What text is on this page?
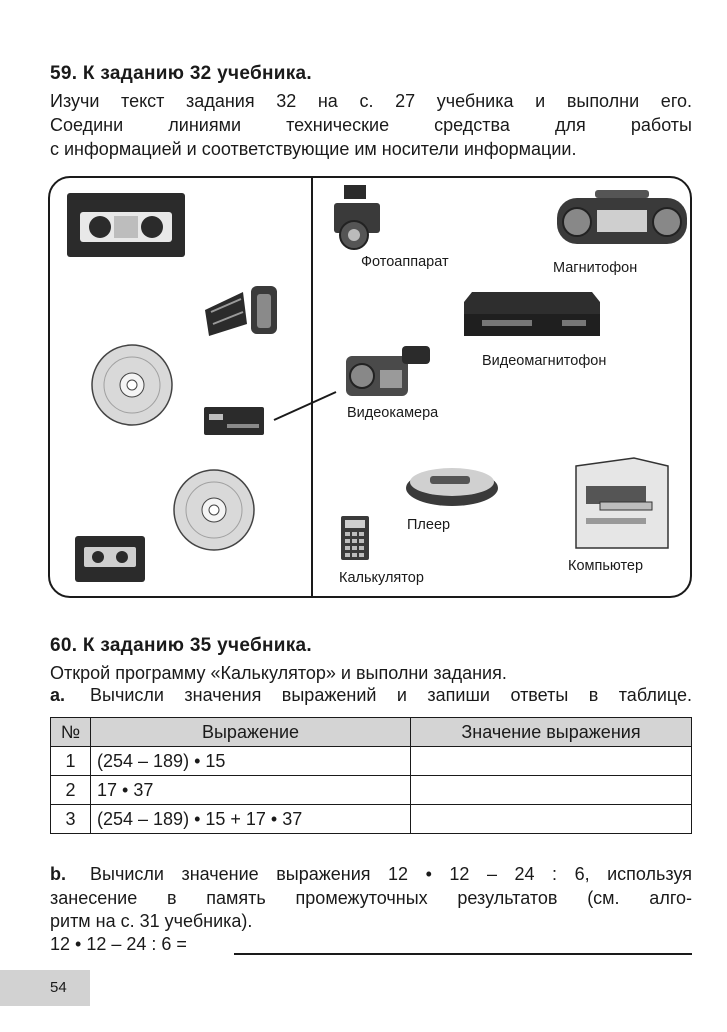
59. К заданию 32 учебника.
Изучи текст задания 32 на с. 27 учебника и выполни его.
Соедини линиями технические средства для работы
с информацией и соответствующие им носители информации.
Фотоаппарат	Магнитофон
Видеомагнитофон
Видеокамера
Плеер
Компьютер
Калькулятор
60. К заданию 35 учебника.
Открой программу «Калькулятор» и выполни задания.
a. Вычисли значения выражений и запиши ответы в таблице.
№	Выражение	Значение выражения
1	(254 – 189) • 15	
2	17 • 37	
3	(254 – 189) • 15 + 17 • 37	
b. Вычисли значение выражения 12 • 12 – 24 : 6, используя
занесение в память промежуточных результатов (см. алго-
ритм на с. 31 учебника).
12 • 12 – 24 : 6 =
54
